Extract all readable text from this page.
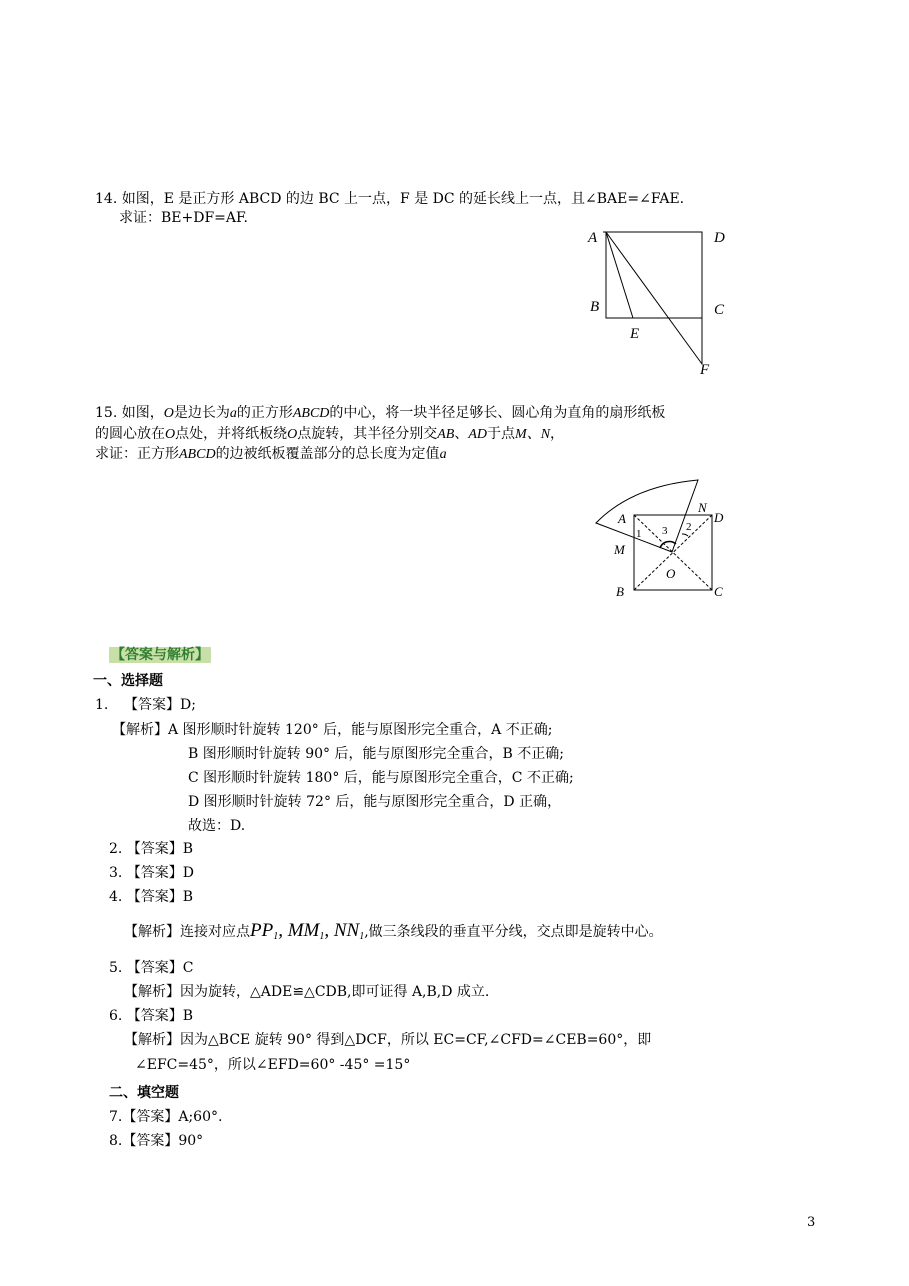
14. 如图，E 是正方形 ABCD 的边 BC 上一点，F 是 DC 的延长线上一点，且∠BAE=∠FAE.
求证：BE+DF=AF.
A	D
B	C
E
F
15. 如图，O是边长为a的正方形ABCD的中心，将一块半径足够长、圆心角为直角的扇形纸板
的圆心放在O点处，并将纸板绕O点旋转，其半径分别交AB、AD于点M、N，
求证：正方形ABCD的边被纸板覆盖部分的总长度为定值a
A
N
D
M
O
B	C
1 3 2
【答案与解析】
一、选择题
1. 【答案】D;
【解析】A 图形顺时针旋转 120° 后，能与原图形完全重合，A 不正确;
B 图形顺时针旋转 90° 后，能与原图形完全重合，B 不正确;
C 图形顺时针旋转 180° 后，能与原图形完全重合，C 不正确;
D 图形顺时针旋转 72° 后，能与原图形完全重合，D 正确，
故选：D.
2. 【答案】B
3. 【答案】D
4. 【答案】B
【解析】连接对应点$PP_1$, $MM_1$, $NN_1$,做三条线段的垂直平分线，交点即是旋转中心。
5. 【答案】C
【解析】因为旋转，△ADE≌△CDB,即可证得 A,B,D 成立.
6. 【答案】B
【解析】因为△BCE 旋转 90° 得到△DCF，所以 EC=CF,∠CFD=∠CEB=60°，即
∠EFC=45°，所以∠EFD=60° -45° =15°
二、填空题
7.【答案】A;60°.
8.【答案】90°
3
